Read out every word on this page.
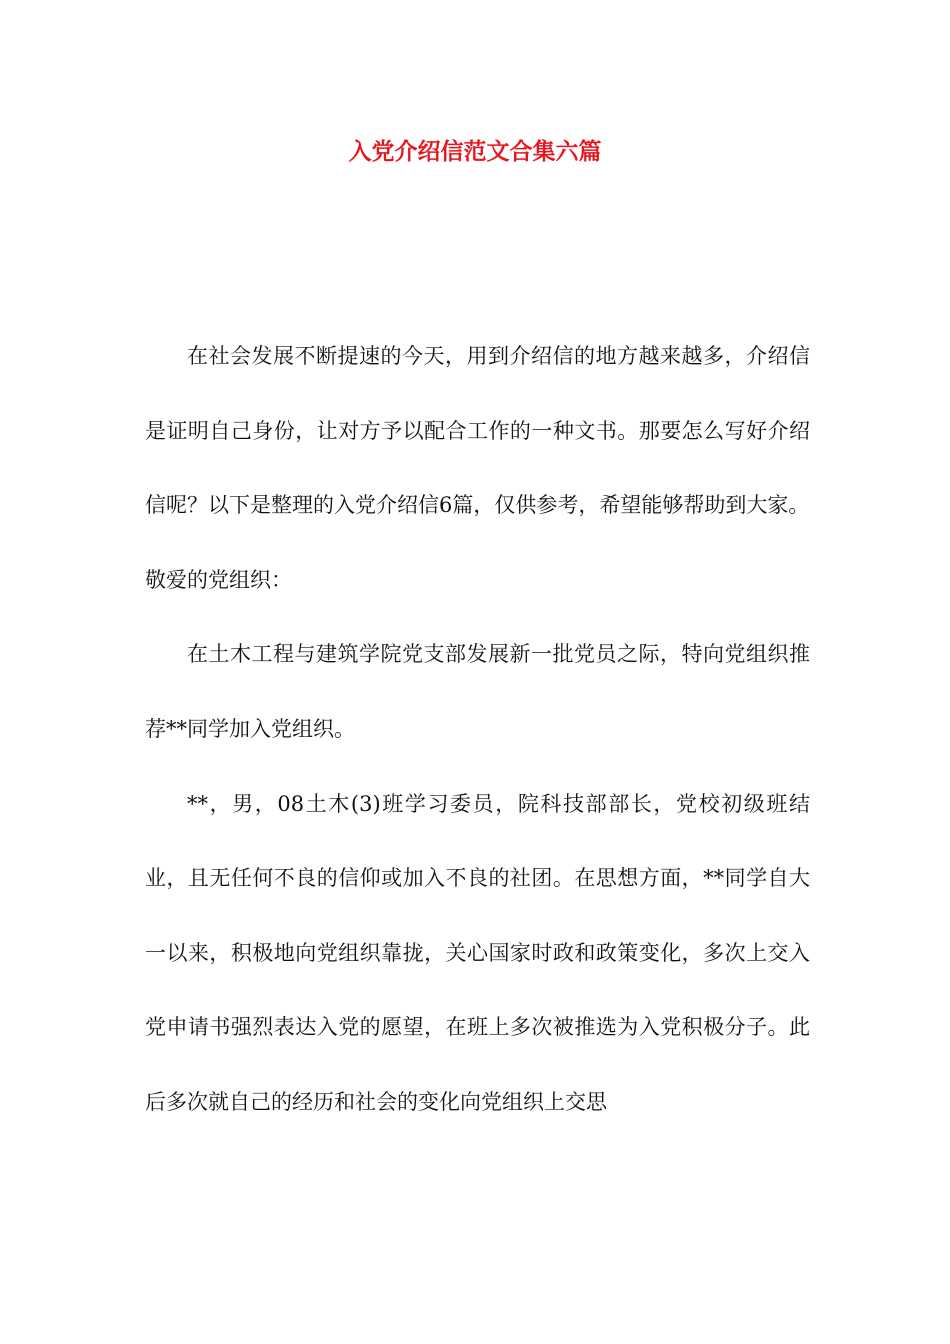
入党介绍信范文合集六篇

在社会发展不断提速的今天，用到介绍信的地方越来越多，介绍信是证明自己身份，让对方予以配合工作的一种文书。那要怎么写好介绍信呢？以下是整理的入党介绍信6篇，仅供参考，希望能够帮助到大家。

敬爱的党组织：

在土木工程与建筑学院党支部发展新一批党员之际，特向党组织推荐**同学加入党组织。

**，男，08土木(3)班学习委员，院科技部部长，党校初级班结业，且无任何不良的信仰或加入不良的社团。在思想方面，**同学自大一以来，积极地向党组织靠拢，关心国家时政和政策变化，多次上交入党申请书强烈表达入党的愿望，在班上多次被推选为入党积极分子。此后多次就自己的经历和社会的变化向党组织上交思
